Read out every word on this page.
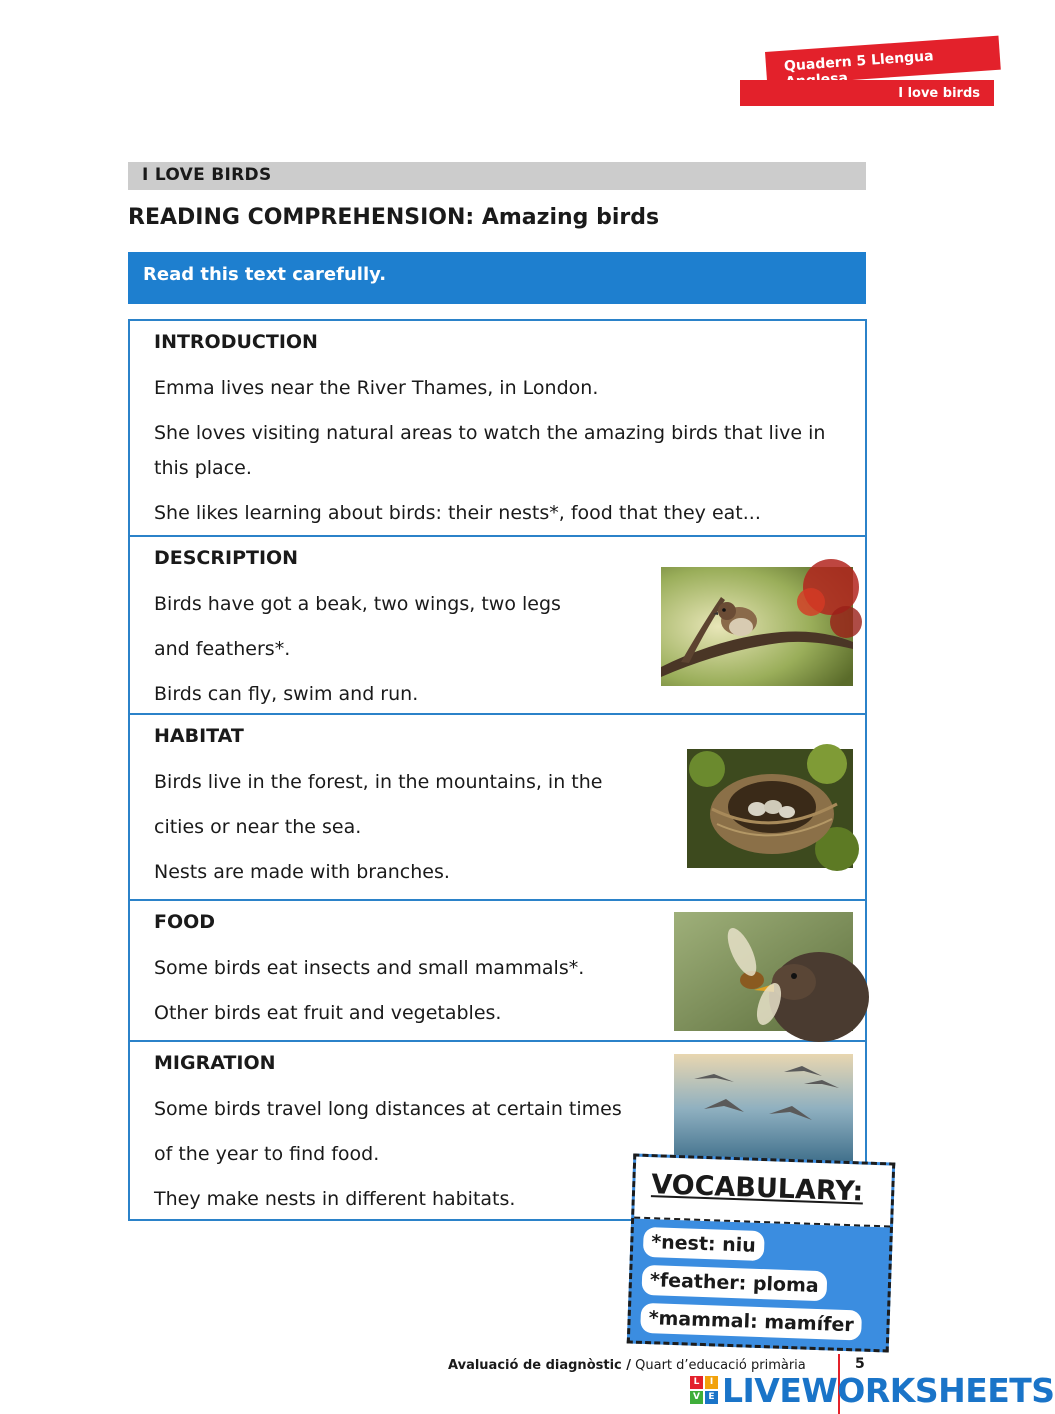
Quadern 5 Llengua
I love birds
I LOVE BIRDS
READING COMPREHENSION: Amazing birds
Read this text carefully.
INTRODUCTION

Emma lives near the River Thames, in London.

She loves visiting natural areas to watch the amazing birds that live in

this place.

She likes learning about birds: their nests*, food that they eat...

DESCRIPTION

Birds have got a beak, two wings, two legs

and feathers*.

Birds can fly, swim and run.

HABITAT

Birds live in the forest, in the mountains, in the

cities or near the sea.

Nests are made with branches.

FOOD

Some birds eat insects and small mammals*.

Other birds eat fruit and vegetables.

MIGRATION

Some birds travel long distances at certain times

of the year to find food.

They make nests in different habitats.	VOCABULARY:
*nest: niu
*feather: ploma
*mammal: mamífer
Avaluació de diagnòstic / Quart d’educació primària	5
L	I
V E LIVEWORKSHEETS
